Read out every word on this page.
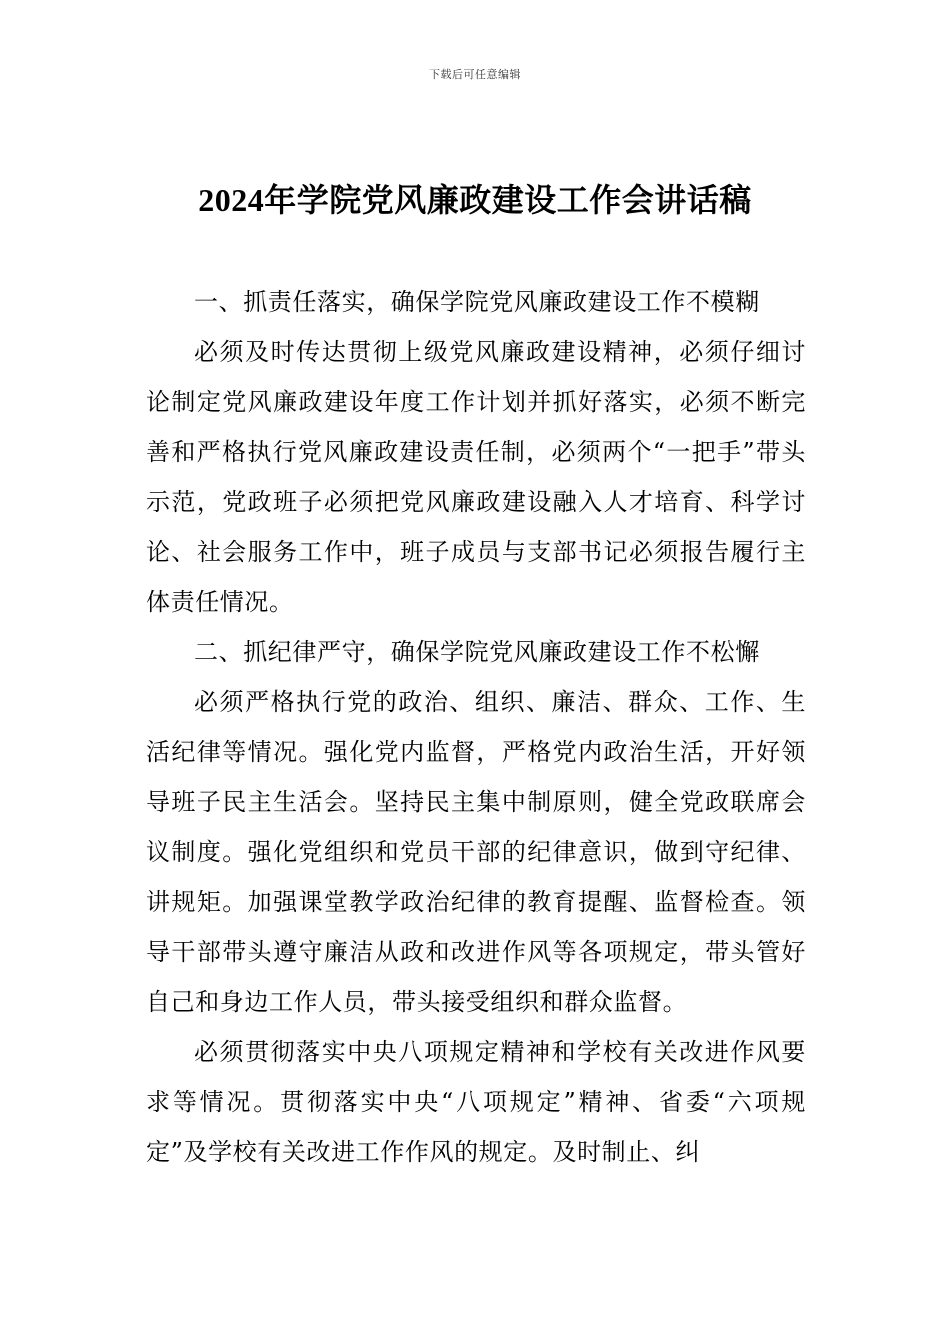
下载后可任意编辑
2024年学院党风廉政建设工作会讲话稿

一、抓责任落实，确保学院党风廉政建设工作不模糊

必须及时传达贯彻上级党风廉政建设精神，必须仔细讨论制定党风廉政建设年度工作计划并抓好落实，必须不断完善和严格执行党风廉政建设责任制，必须两个“一把手”带头示范，党政班子必须把党风廉政建设融入人才培育、科学讨论、社会服务工作中，班子成员与支部书记必须报告履行主体责任情况。

二、抓纪律严守，确保学院党风廉政建设工作不松懈

必须严格执行党的政治、组织、廉洁、群众、工作、生活纪律等情况。强化党内监督，严格党内政治生活，开好领导班子民主生活会。坚持民主集中制原则，健全党政联席会议制度。强化党组织和党员干部的纪律意识，做到守纪律、讲规矩。加强课堂教学政治纪律的教育提醒、监督检查。领导干部带头遵守廉洁从政和改进作风等各项规定，带头管好自己和身边工作人员，带头接受组织和群众监督。

必须贯彻落实中央八项规定精神和学校有关改进作风要求等情况。贯彻落实中央“八项规定”精神、省委“六项规定”及学校有关改进工作作风的规定。及时制止、纠
